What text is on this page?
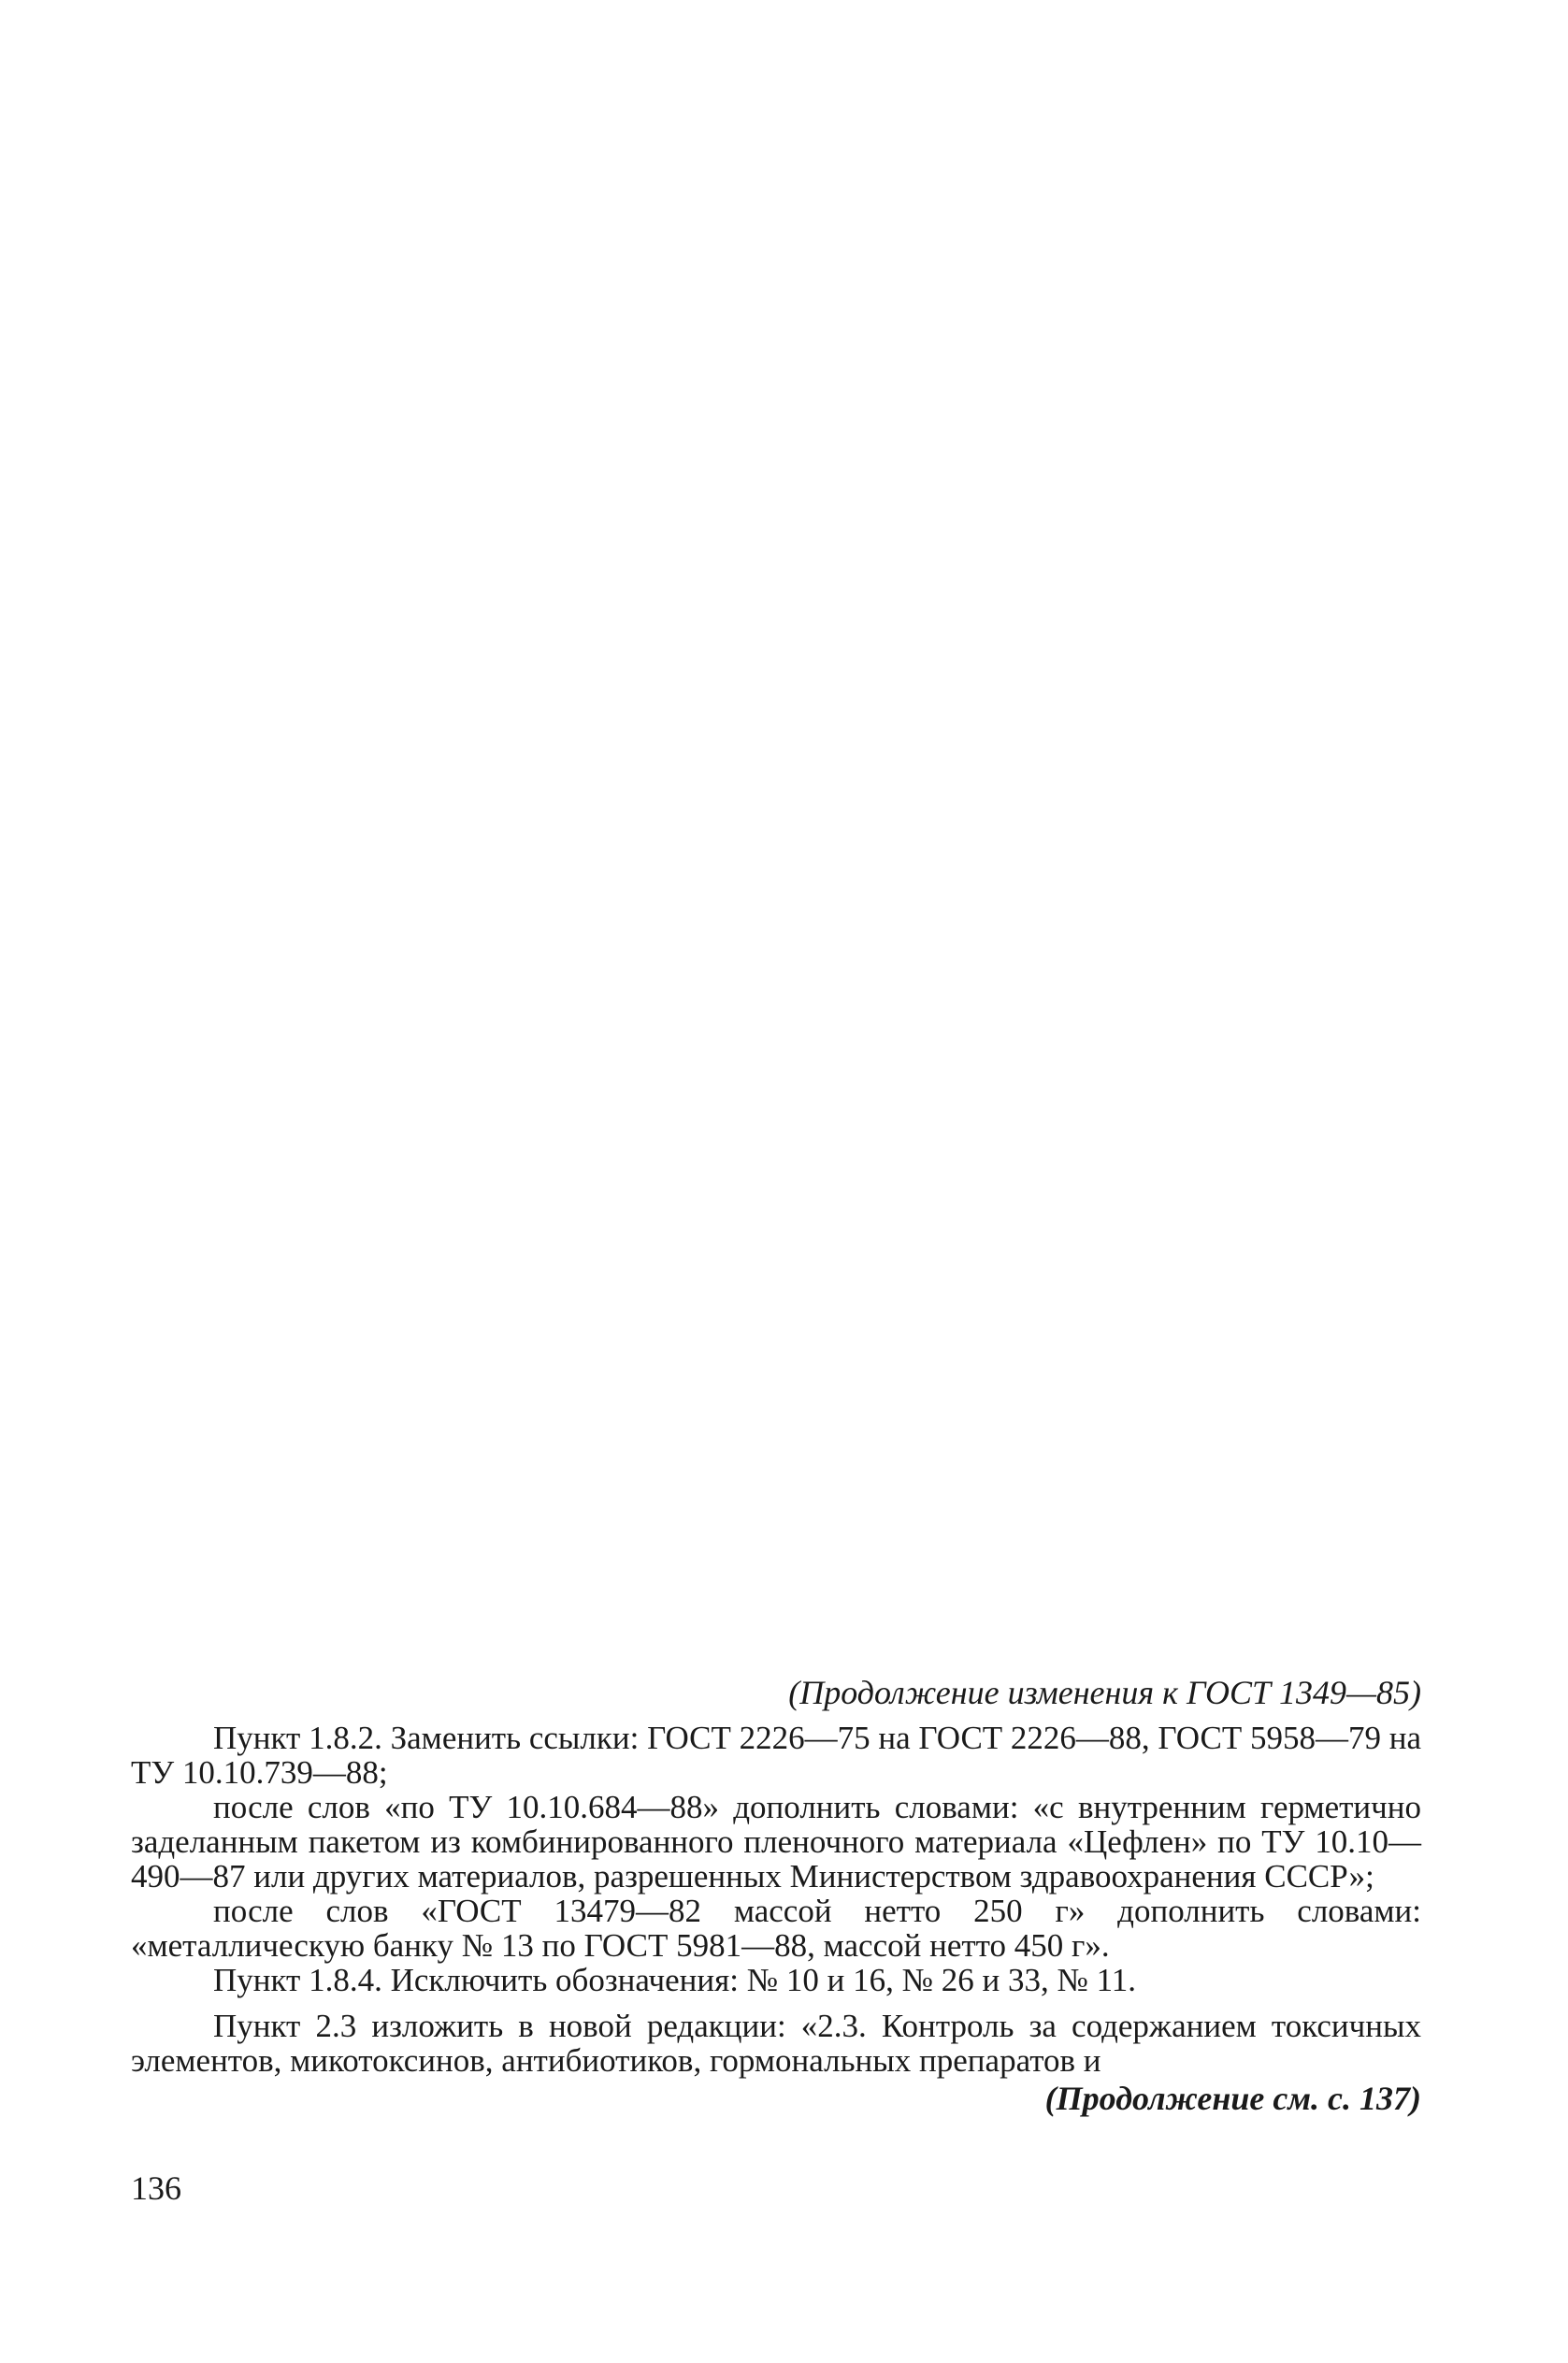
(Продолжение изменения к ГОСТ 1349—85)

Пункт 1.8.2. Заменить ссылки: ГОСТ 2226—75 на ГОСТ 2226—88, ГОСТ 5958—79 на ТУ 10.10.739—88;

после слов «по ТУ 10.10.684—88» дополнить словами: «с внутренним герметично заделанным пакетом из комбинированного пленочного материала «Цефлен» по ТУ 10.10—490—87 или других материалов, разрешенных Министерством здравоохранения СССР»;

после слов «ГОСТ 13479—82 массой нетто 250 г» дополнить словами: «металлическую банку № 13 по ГОСТ 5981—88, массой нетто 450 г».

Пункт 1.8.4. Исключить обозначения: № 10 и 16, № 26 и 33, № 11.

Пункт 2.3 изложить в новой редакции: «2.3. Контроль за содержанием токсичных элементов, микотоксинов, антибиотиков, гормональных препаратов и

(Продолжение см. с. 137)
136
